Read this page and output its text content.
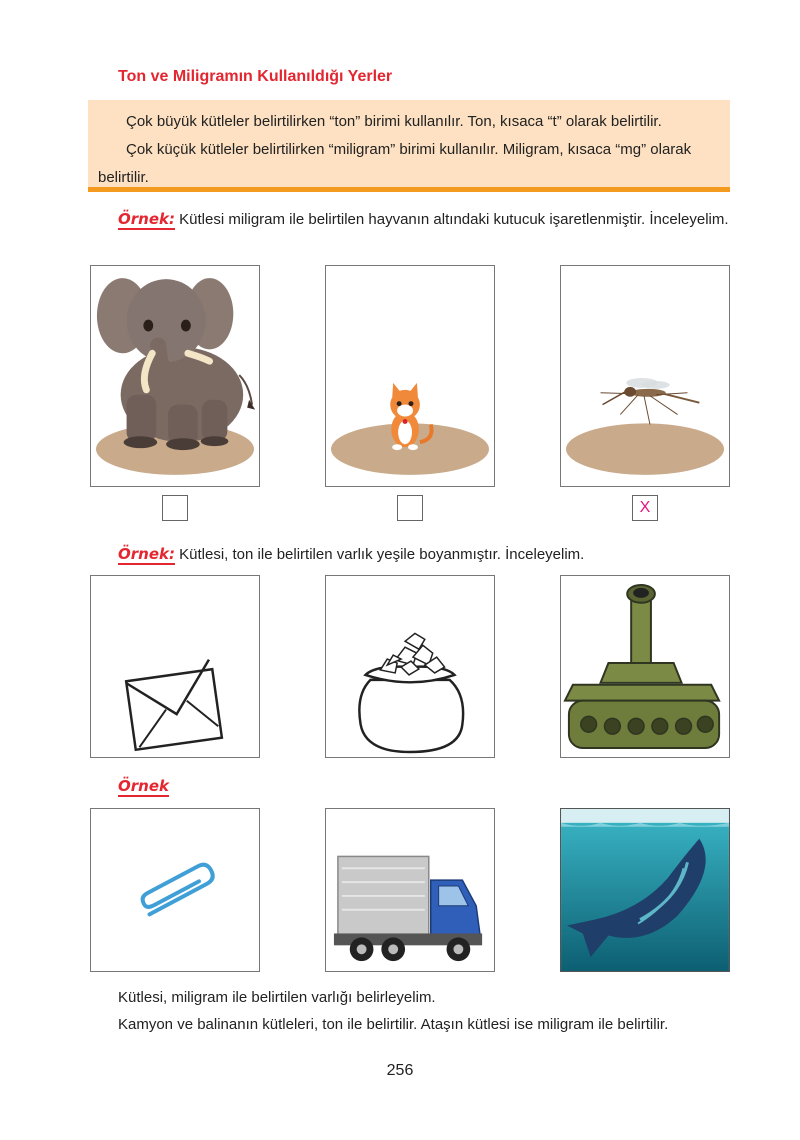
Ton ve Miligramın Kullanıldığı Yerler

Çok büyük kütleler belirtilirken “ton” birimi kullanılır. Ton, kısaca “t” olarak belirtilir.

Çok küçük kütleler belirtilirken “miligram” birimi kullanılır. Miligram, kısaca “mg” olarak belirtilir.

Örnek: Kütlesi miligram ile belirtilen hayvanın altındaki kutucuk işaretlenmiştir. İnceleyelim.
X
Örnek: Kütlesi, ton ile belirtilen varlık yeşile boyanmıştır. İnceleyelim.
Örnek
Kütlesi, miligram ile belirtilen varlığı belirleyelim.
Kamyon ve balinanın kütleleri, ton ile belirtilir. Ataşın kütlesi ise miligram ile belirtilir.
256
